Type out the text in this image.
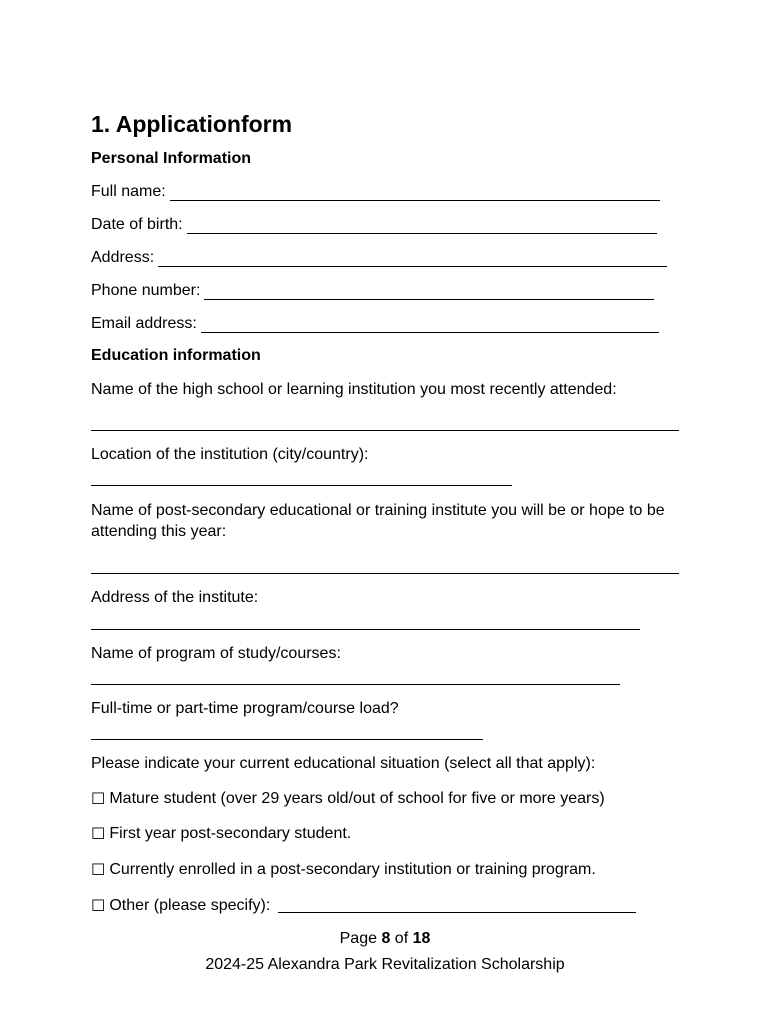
1. Applicationform
Personal Information
Full name:
Date of birth:
Address:
Phone number:
Email address:
Education information
Name of the high school or learning institution you most recently attended:
Location of the institution (city/country):
Name of post-secondary educational or training institute you will be or hope to be attending this year:
Address of the institute:
Name of program of study/courses:
Full-time or part-time program/course load?
Please indicate your current educational situation (select all that apply):
☐ Mature student (over 29 years old/out of school for five or more years)
☐ First year post-secondary student.
☐ Currently enrolled in a post-secondary institution or training program.
☐ Other (please specify):
Page 8 of 18
2024-25 Alexandra Park Revitalization Scholarship
